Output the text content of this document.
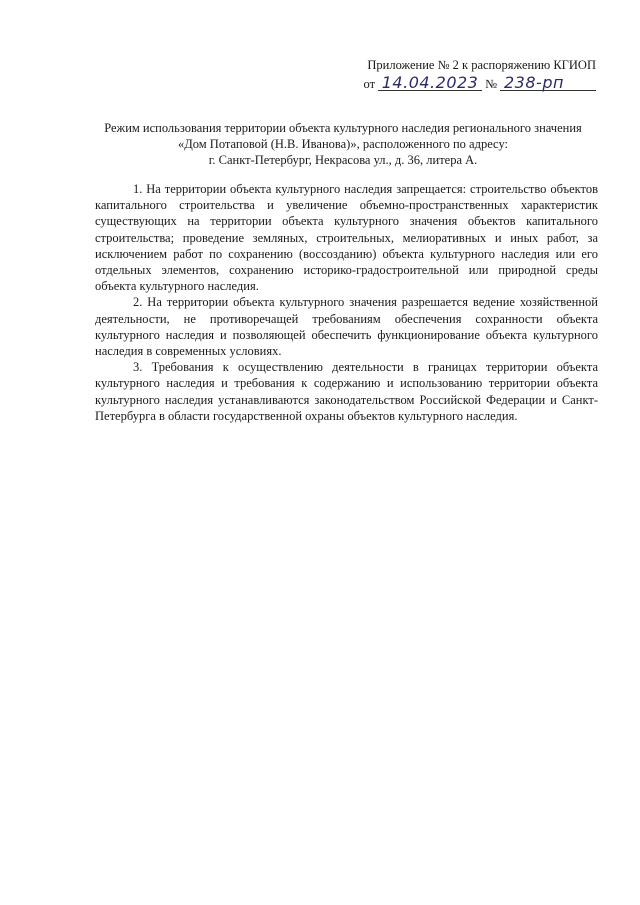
Приложение № 2 к распоряжению КГИОП
от 14.04.2023 № 238-рп
Режим использования территории объекта культурного наследия регионального значения
«Дом Потаповой (Н.В. Иванова)», расположенного по адресу:
г. Санкт-Петербург, Некрасова ул., д. 36, литера А.

1. На территории объекта культурного наследия запрещается: строительство объектов капитального строительства и увеличение объемно-пространственных характеристик существующих на территории объекта культурного значения объектов капитального строительства; проведение земляных, строительных, мелиоративных и иных работ, за исключением работ по сохранению (воссозданию) объекта культурного наследия или его отдельных элементов, сохранению историко-градостроительной или природной среды объекта культурного наследия.

2. На территории объекта культурного значения разрешается ведение хозяйственной деятельности, не противоречащей требованиям обеспечения сохранности объекта культурного наследия и позволяющей обеспечить функционирование объекта культурного наследия в современных условиях.

3. Требования к осуществлению деятельности в границах территории объекта культурного наследия и требования к содержанию и использованию территории объекта культурного наследия устанавливаются законодательством Российской Федерации и Санкт-Петербурга в области государственной охраны объектов культурного наследия.
